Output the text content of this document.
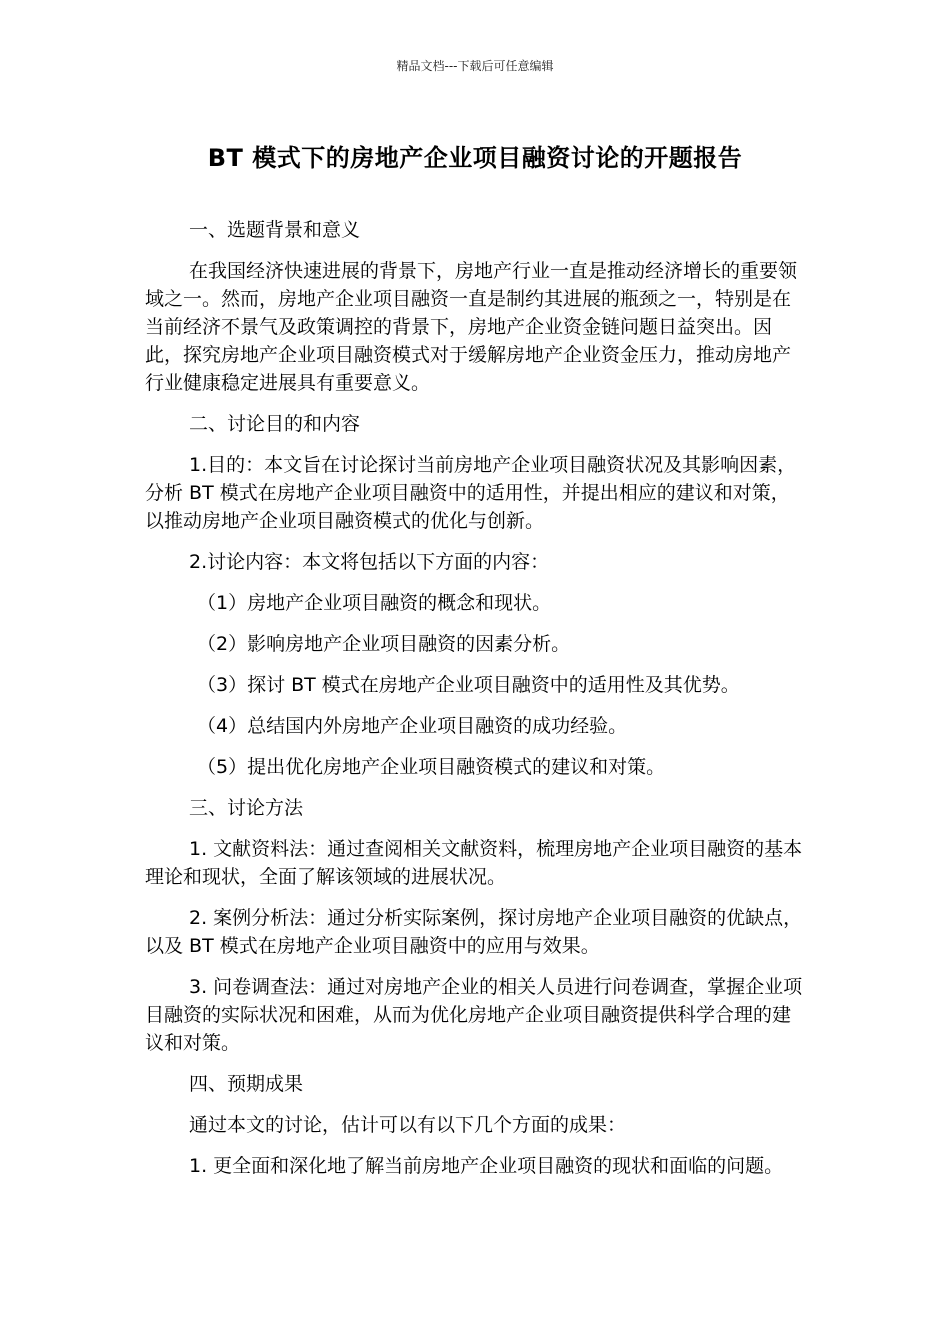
精品文档---下载后可任意编辑
BT 模式下的房地产企业项目融资讨论的开题报告

一、选题背景和意义

在我国经济快速进展的背景下，房地产行业一直是推动经济增长的重要领域之一。然而，房地产企业项目融资一直是制约其进展的瓶颈之一，特别是在当前经济不景气及政策调控的背景下，房地产企业资金链问题日益突出。因此，探究房地产企业项目融资模式对于缓解房地产企业资金压力，推动房地产行业健康稳定进展具有重要意义。

二、讨论目的和内容

1.目的：本文旨在讨论探讨当前房地产企业项目融资状况及其影响因素，分析 BT 模式在房地产企业项目融资中的适用性，并提出相应的建议和对策，以推动房地产企业项目融资模式的优化与创新。

2.讨论内容：本文将包括以下方面的内容：

（1）房地产企业项目融资的概念和现状。

（2）影响房地产企业项目融资的因素分析。

（3）探讨 BT 模式在房地产企业项目融资中的适用性及其优势。

（4）总结国内外房地产企业项目融资的成功经验。

（5）提出优化房地产企业项目融资模式的建议和对策。

三、讨论方法

1. 文献资料法：通过查阅相关文献资料，梳理房地产企业项目融资的基本理论和现状，全面了解该领域的进展状况。

2. 案例分析法：通过分析实际案例，探讨房地产企业项目融资的优缺点，以及 BT 模式在房地产企业项目融资中的应用与效果。

3. 问卷调查法：通过对房地产企业的相关人员进行问卷调查，掌握企业项目融资的实际状况和困难，从而为优化房地产企业项目融资提供科学合理的建议和对策。

四、预期成果

通过本文的讨论，估计可以有以下几个方面的成果：

1. 更全面和深化地了解当前房地产企业项目融资的现状和面临的问题。
